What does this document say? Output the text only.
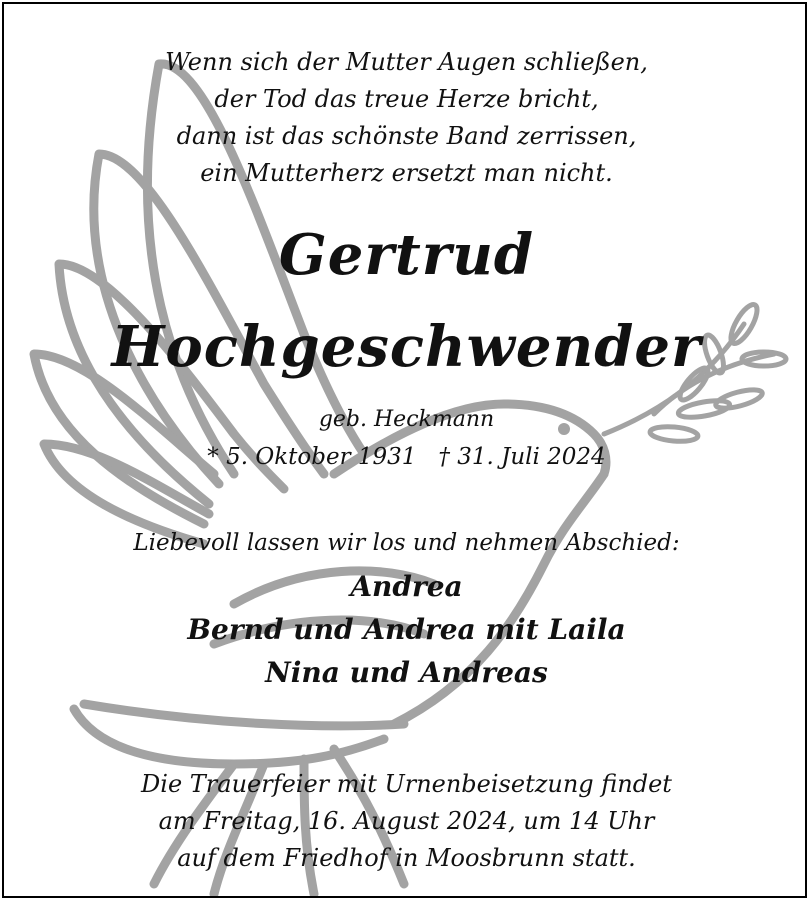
Wenn sich der Mutter Augen schließen,
der Tod das treue Herze bricht,
dann ist das schönste Band zerrissen,
ein Mutterherz ersetzt man nicht.
Gertrud
Hochgeschwender
geb. Heckmann
* 5. Oktober 1931 † 31. Juli 2024
Liebevoll lassen wir los und nehmen Abschied:
Andrea
Bernd und Andrea mit Laila
Nina und Andreas
Die Trauerfeier mit Urnenbeisetzung findet
am Freitag, 16. August 2024, um 14 Uhr
auf dem Friedhof in Moosbrunn statt.
